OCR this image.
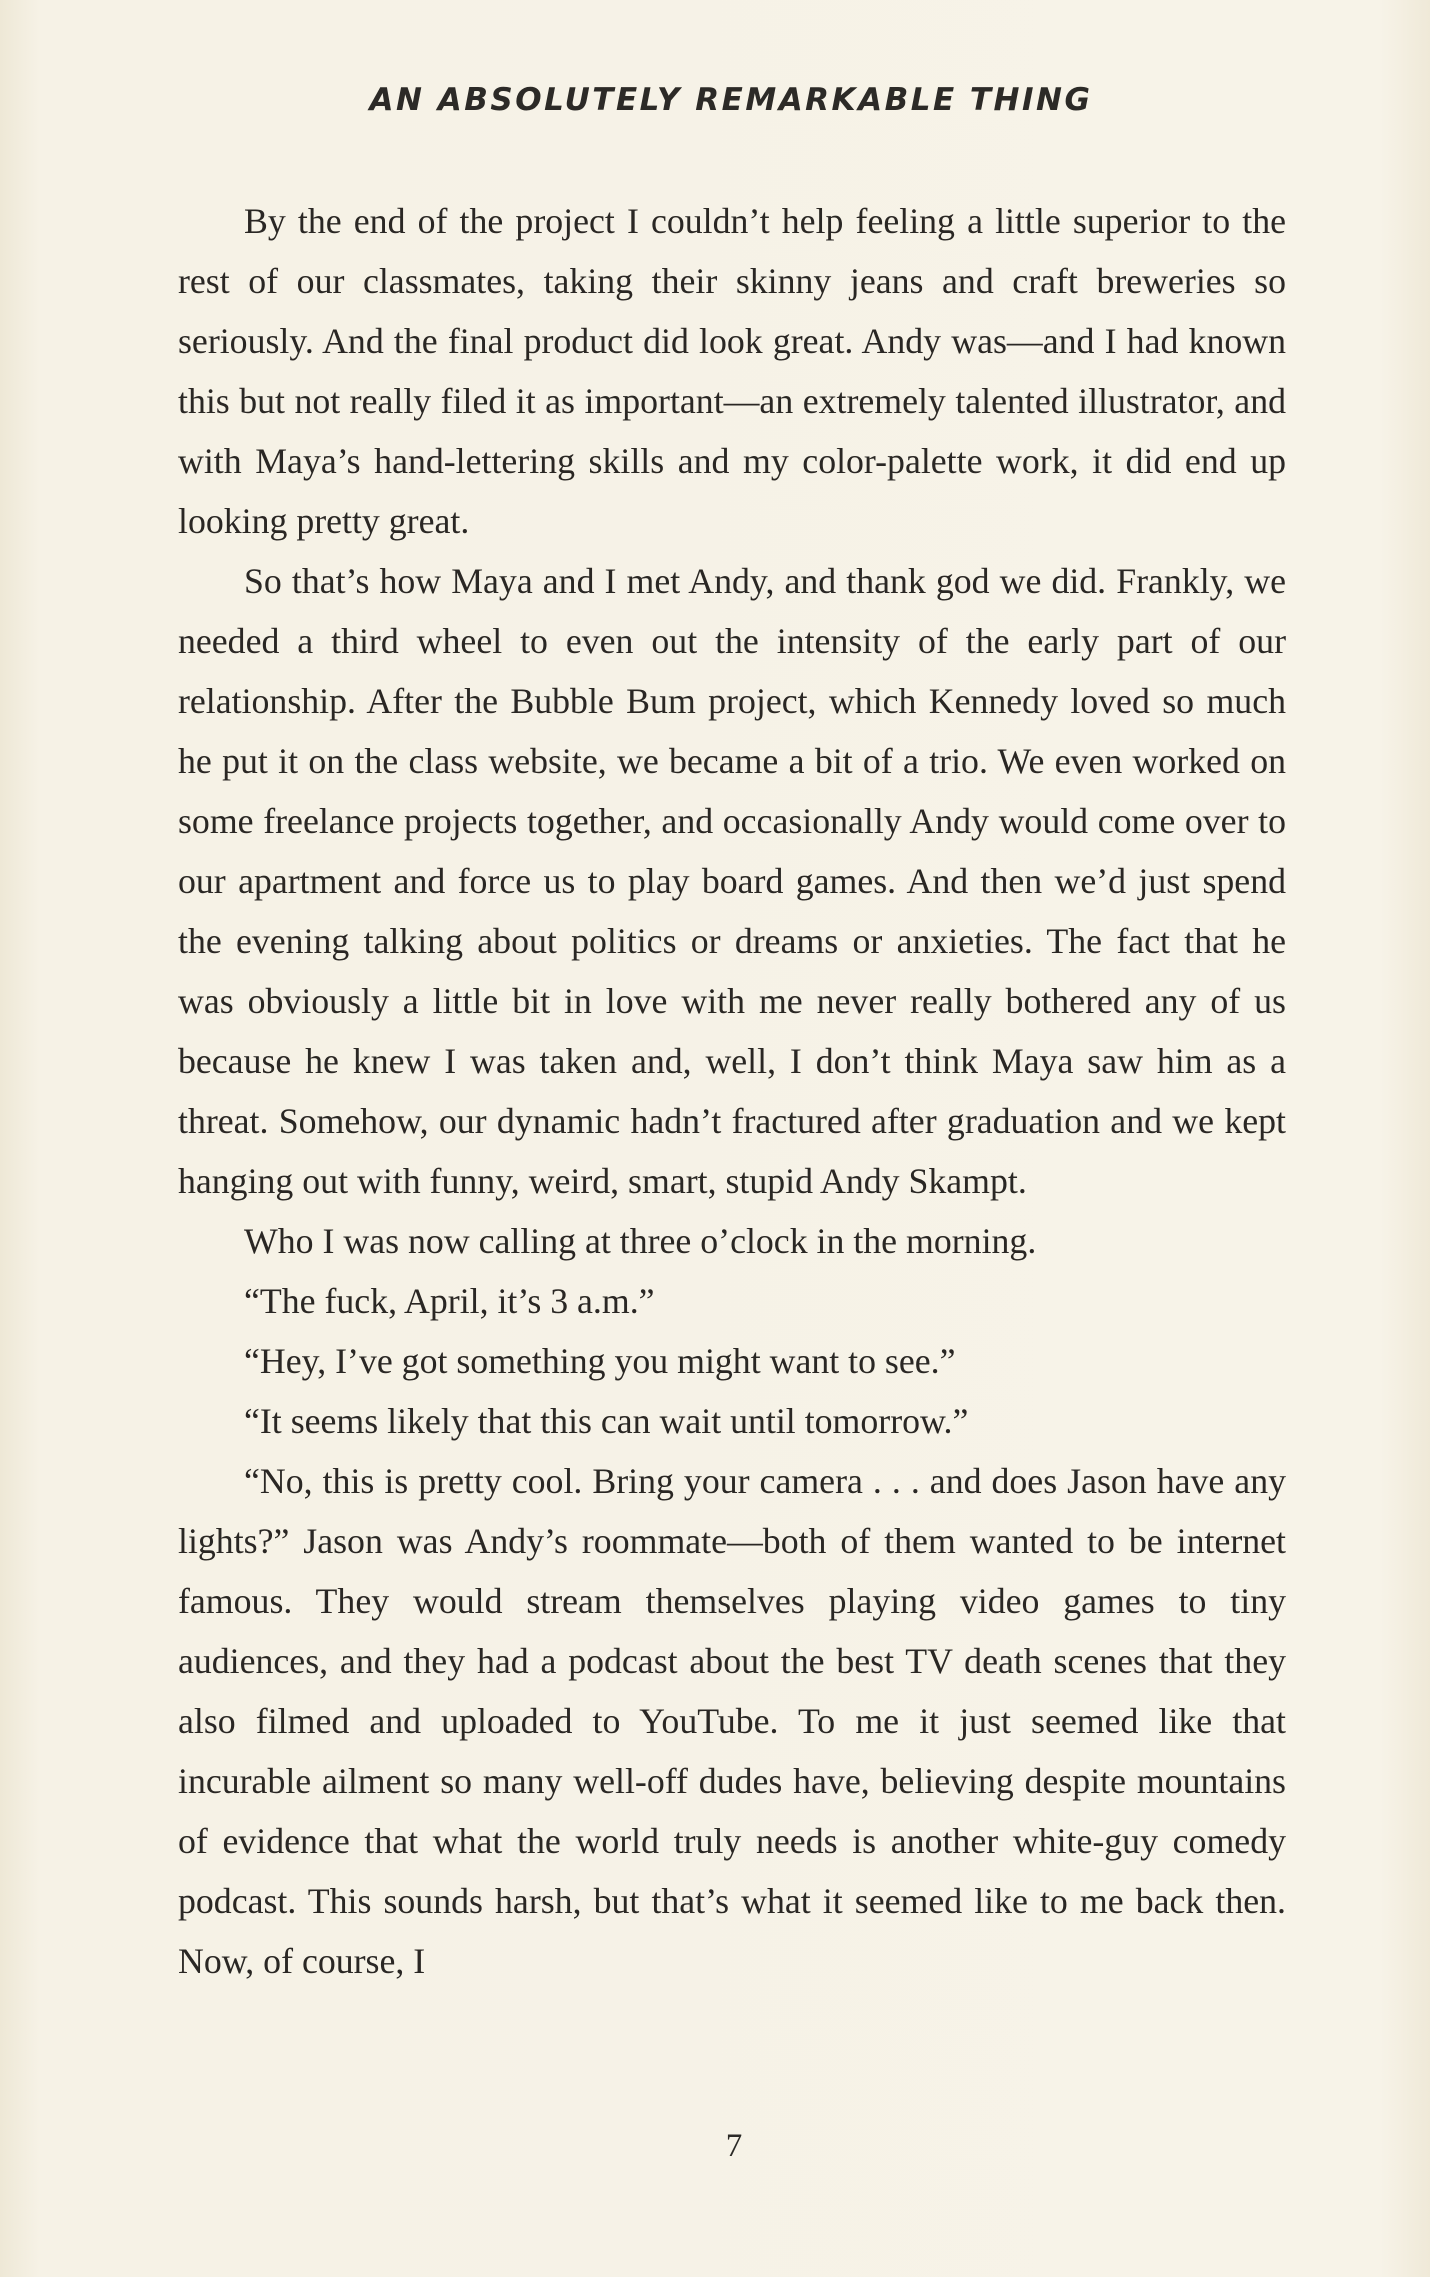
AN ABSOLUTELY REMARKABLE THING

By the end of the project I couldn’t help feeling a little superior to the rest of our classmates, taking their skinny jeans and craft breweries so seriously. And the final product did look great. Andy was—and I had known this but not really filed it as important—an extremely talented illustrator, and with Maya’s hand-lettering skills and my color-palette work, it did end up looking pretty great.

So that’s how Maya and I met Andy, and thank god we did. Frankly, we needed a third wheel to even out the intensity of the early part of our relationship. After the Bubble Bum project, which Kennedy loved so much he put it on the class website, we became a bit of a trio. We even worked on some freelance projects together, and occasionally Andy would come over to our apartment and force us to play board games. And then we’d just spend the evening talking about politics or dreams or anxieties. The fact that he was obviously a little bit in love with me never really bothered any of us because he knew I was taken and, well, I don’t think Maya saw him as a threat. Somehow, our dynamic hadn’t fractured after graduation and we kept hanging out with funny, weird, smart, stupid Andy Skampt.

Who I was now calling at three o’clock in the morning.

“The fuck, April, it’s 3 a.m.”

“Hey, I’ve got something you might want to see.”

“It seems likely that this can wait until tomorrow.”

“No, this is pretty cool. Bring your camera . . . and does Jason have any lights?” Jason was Andy’s roommate—both of them wanted to be internet famous. They would stream themselves playing video games to tiny audiences, and they had a podcast about the best TV death scenes that they also filmed and uploaded to YouTube. To me it just seemed like that incurable ailment so many well-off dudes have, believing despite mountains of evidence that what the world truly needs is another white-guy comedy podcast. This sounds harsh, but that’s what it seemed like to me back then. Now, of course, I

7
